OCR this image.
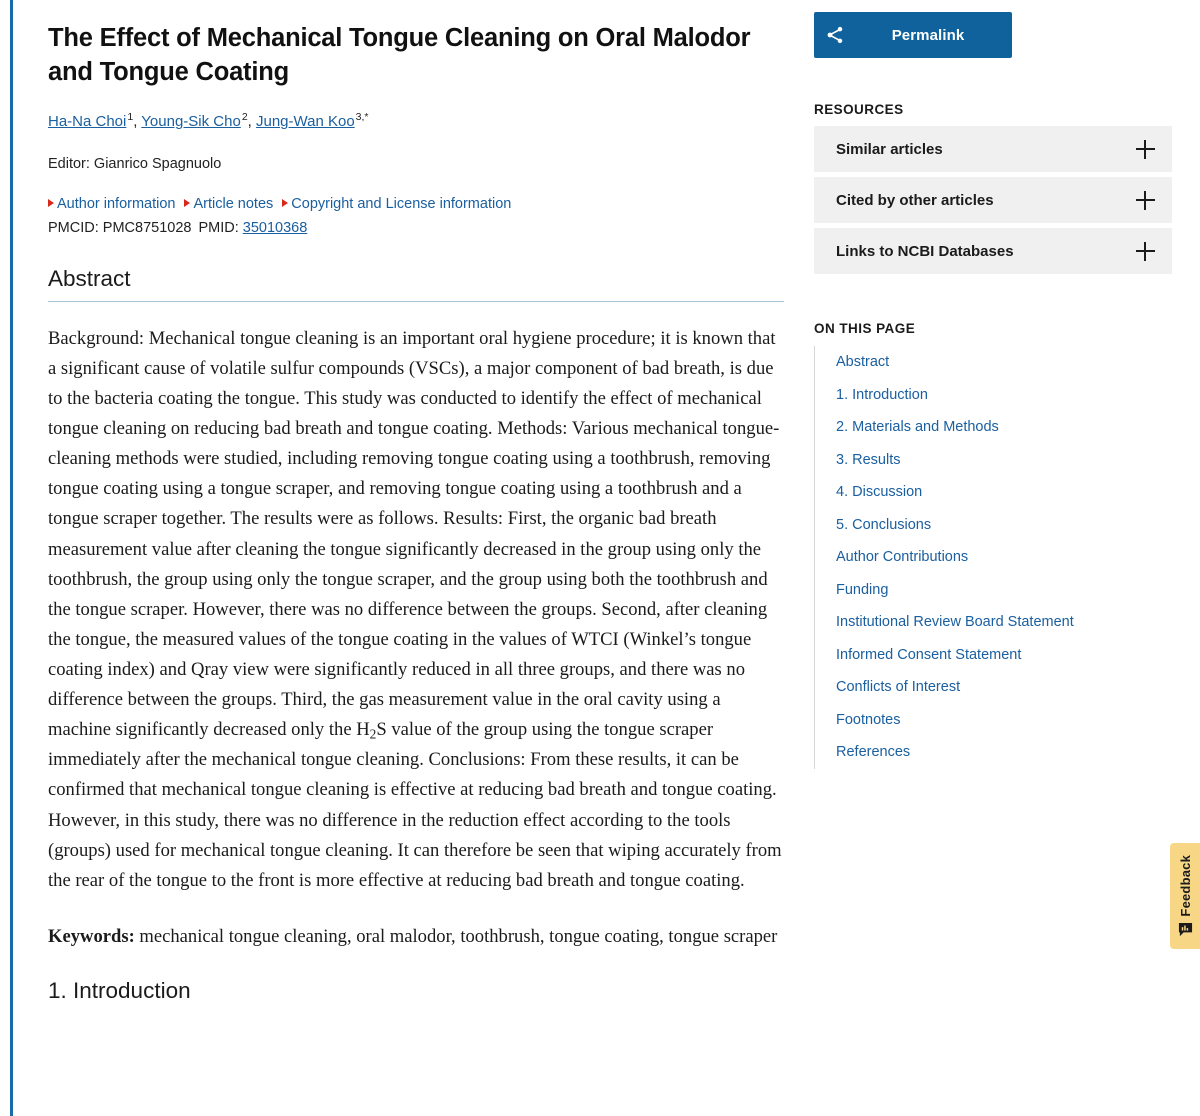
The Effect of Mechanical Tongue Cleaning on Oral Malodor and Tongue Coating
Ha-Na Choi$^1$, Young-Sik Cho$^2$, Jung-Wan Koo$^{3,*}$
Editor: Gianrico Spagnuolo
Author information Article notes Copyright and License information
PMCID: PMC8751028 PMID: 35010368
Abstract

Background: Mechanical tongue cleaning is an important oral hygiene procedure; it is known that a significant cause of volatile sulfur compounds (VSCs), a major component of bad breath, is due to the bacteria coating the tongue. This study was conducted to identify the effect of mechanical tongue cleaning on reducing bad breath and tongue coating. Methods: Various mechanical tongue-cleaning methods were studied, including removing tongue coating using a toothbrush, removing tongue coating using a tongue scraper, and removing tongue coating using a toothbrush and a tongue scraper together. The results were as follows. Results: First, the organic bad breath measurement value after cleaning the tongue significantly decreased in the group using only the toothbrush, the group using only the tongue scraper, and the group using both the toothbrush and the tongue scraper. However, there was no difference between the groups. Second, after cleaning the tongue, the measured values of the tongue coating in the values of WTCI (Winkel’s tongue coating index) and Qray view were significantly reduced in all three groups, and there was no difference between the groups. Third, the gas measurement value in the oral cavity using a machine significantly decreased only the $H_2S$ value of the group using the tongue scraper immediately after the mechanical tongue cleaning. Conclusions: From these results, it can be confirmed that mechanical tongue cleaning is effective at reducing bad breath and tongue coating. However, in this study, there was no difference in the reduction effect according to the tools (groups) used for mechanical tongue cleaning. It can therefore be seen that wiping accurately from the rear of the tongue to the front is more effective at reducing bad breath and tongue coating.

Keywords: mechanical tongue cleaning, oral malodor, toothbrush, tongue coating, tongue scraper

1. Introduction
Permalink
RESOURCES
Similar articles
Cited by other articles
Links to NCBI Databases
ON THIS PAGE
Abstract
1. Introduction
2. Materials and Methods
3. Results
4. Discussion
5. Conclusions
Author Contributions
Funding
Institutional Review Board Statement
Informed Consent Statement
Conflicts of Interest
Footnotes
References
Feedback
